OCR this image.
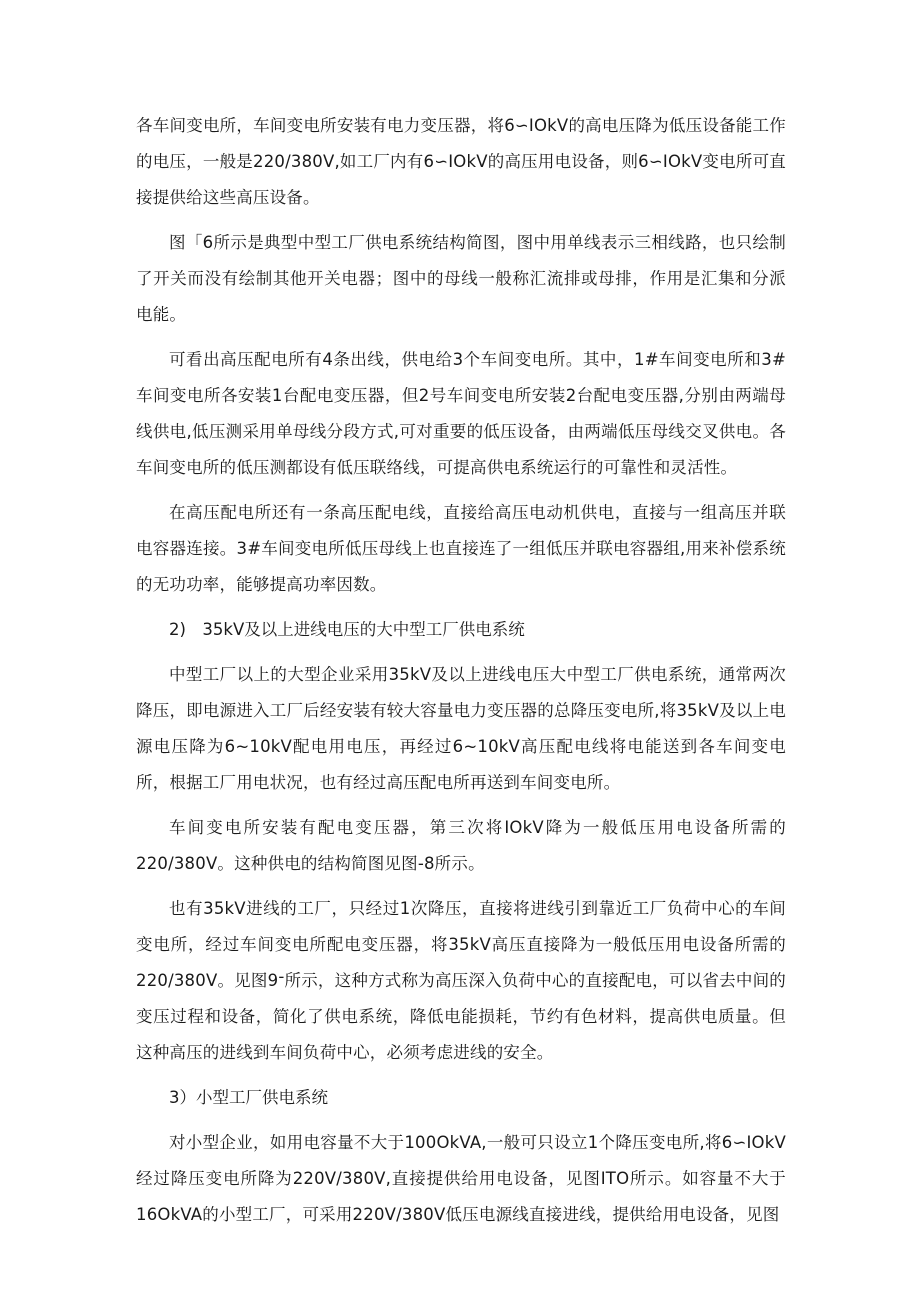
各车间变电所，车间变电所安装有电力变压器，将6∽IOkV的高电压降为低压设备能工作的电压，一般是220/380V,如工厂内有6∽IOkV的高压用电设备，则6∽IOkV变电所可直接提供给这些高压设备。

图「6所示是典型中型工厂供电系统结构简图，图中用单线表示三相线路，也只绘制了开关而没有绘制其他开关电器；图中的母线一般称汇流排或母排，作用是汇集和分派电能。

可看出高压配电所有4条出线，供电给3个车间变电所。其中，1#车间变电所和3#车间变电所各安装1台配电变压器，但2号车间变电所安装2台配电变压器,分别由两端母线供电,低压测采用单母线分段方式,可对重要的低压设备，由两端低压母线交叉供电。各车间变电所的低压测都设有低压联络线，可提高供电系统运行的可靠性和灵活性。

在高压配电所还有一条高压配电线，直接给高压电动机供电，直接与一组高压并联电容器连接。3#车间变电所低压母线上也直接连了一组低压并联电容器组,用来补偿系统的无功功率，能够提高功率因数。

2)　35kV及以上进线电压的大中型工厂供电系统

中型工厂以上的大型企业采用35kV及以上进线电压大中型工厂供电系统，通常两次降压，即电源进入工厂后经安装有较大容量电力变压器的总降压变电所,将35kV及以上电源电压降为6~10kV配电用电压，再经过6~10kV高压配电线将电能送到各车间变电所，根据工厂用电状况，也有经过高压配电所再送到车间变电所。

车间变电所安装有配电变压器，第三次将IOkV降为一般低压用电设备所需的220/380V。这种供电的结构简图见图-8所示。

也有35kV进线的工厂，只经过1次降压，直接将进线引到靠近工厂负荷中心的车间变电所，经过车间变电所配电变压器，将35kV高压直接降为一般低压用电设备所需的220/380V。见图־9所示，这种方式称为高压深入负荷中心的直接配电，可以省去中间的变压过程和设备，简化了供电系统，降低电能损耗，节约有色材料，提高供电质量。但这种高压的进线到车间负荷中心，必须考虑进线的安全。

3）小型工厂供电系统

对小型企业，如用电容量不大于100OkVA,一般可只设立1个降压变电所,将6∽IOkV经过降压变电所降为220V/380V,直接提供给用电设备，见图ITO所示。如容量不大于16OkVA的小型工厂，可采用220V/380V低压电源线直接进线，提供给用电设备，见图
